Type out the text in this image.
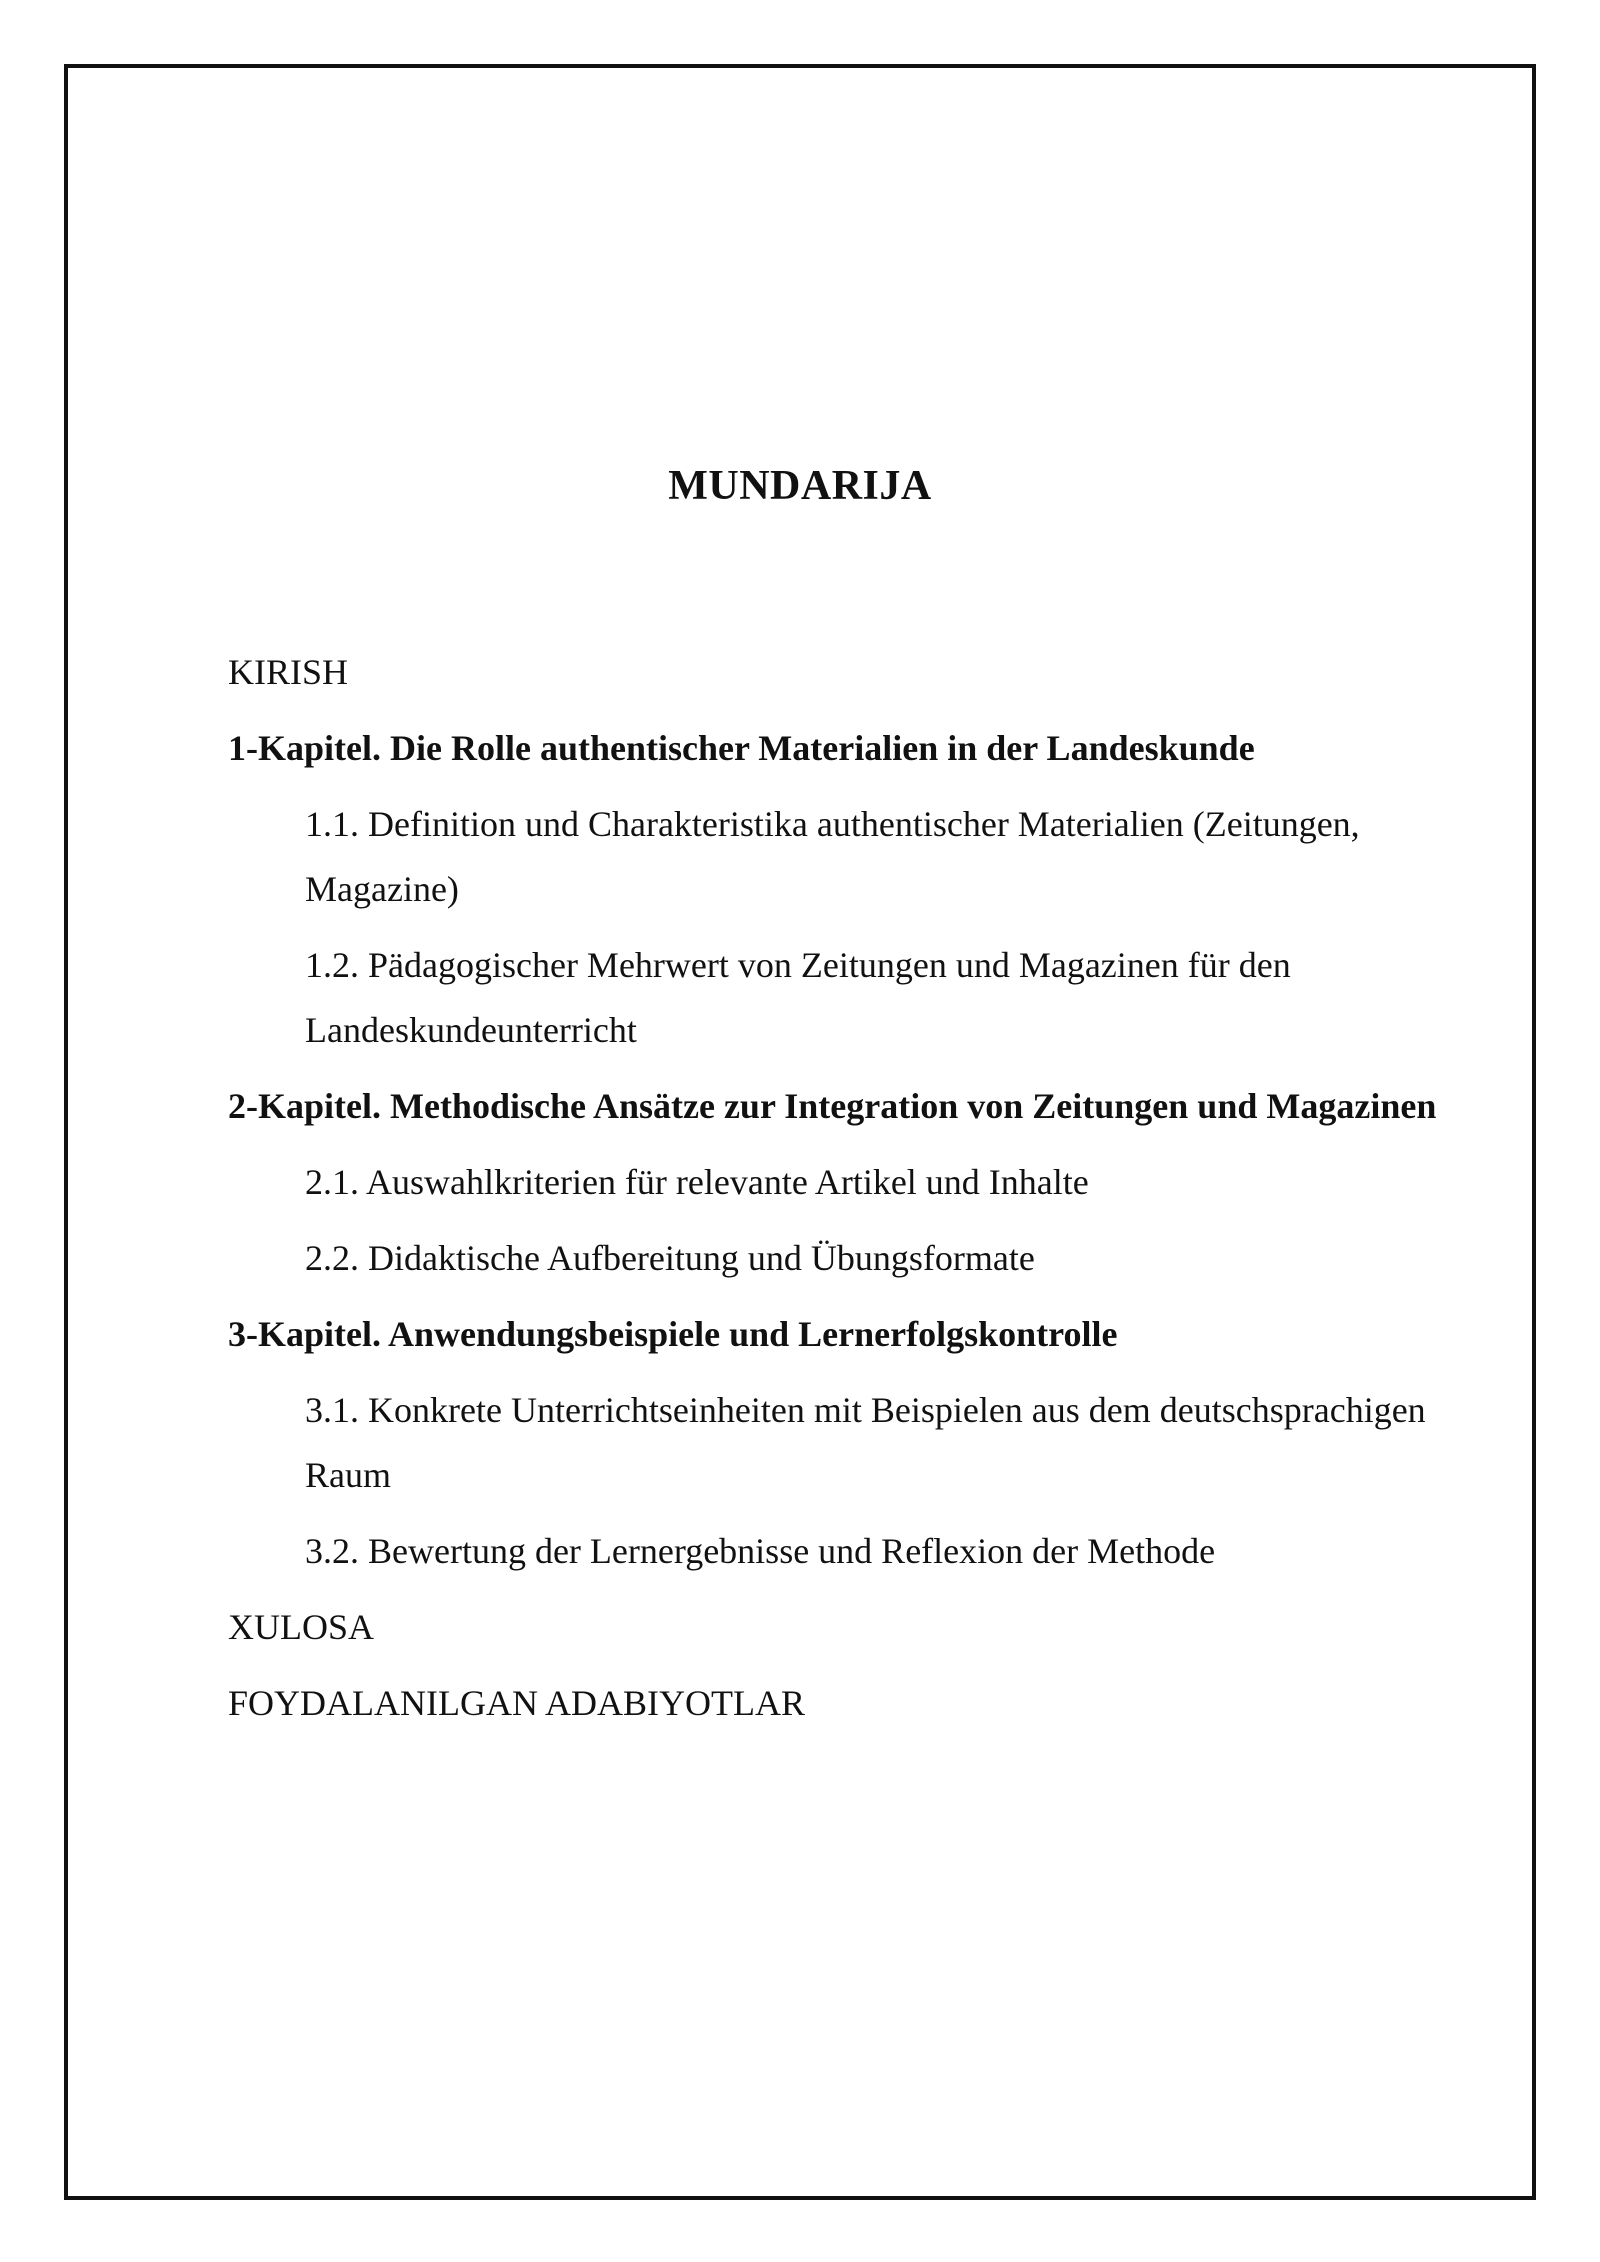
MUNDARIJA
KIRISH
1-Kapitel. Die Rolle authentischer Materialien in der Landeskunde
1.1. Definition und Charakteristika authentischer Materialien (Zeitungen, Magazine)
1.2. Pädagogischer Mehrwert von Zeitungen und Magazinen für den Landeskundeunterricht
2-Kapitel. Methodische Ansätze zur Integration von Zeitungen und Magazinen
2.1. Auswahlkriterien für relevante Artikel und Inhalte
2.2. Didaktische Aufbereitung und Übungsformate
3-Kapitel. Anwendungsbeispiele und Lernerfolgskontrolle
3.1. Konkrete Unterrichtseinheiten mit Beispielen aus dem deutschsprachigen Raum
3.2. Bewertung der Lernergebnisse und Reflexion der Methode
XULOSA
FOYDALANILGAN ADABIYOTLAR
